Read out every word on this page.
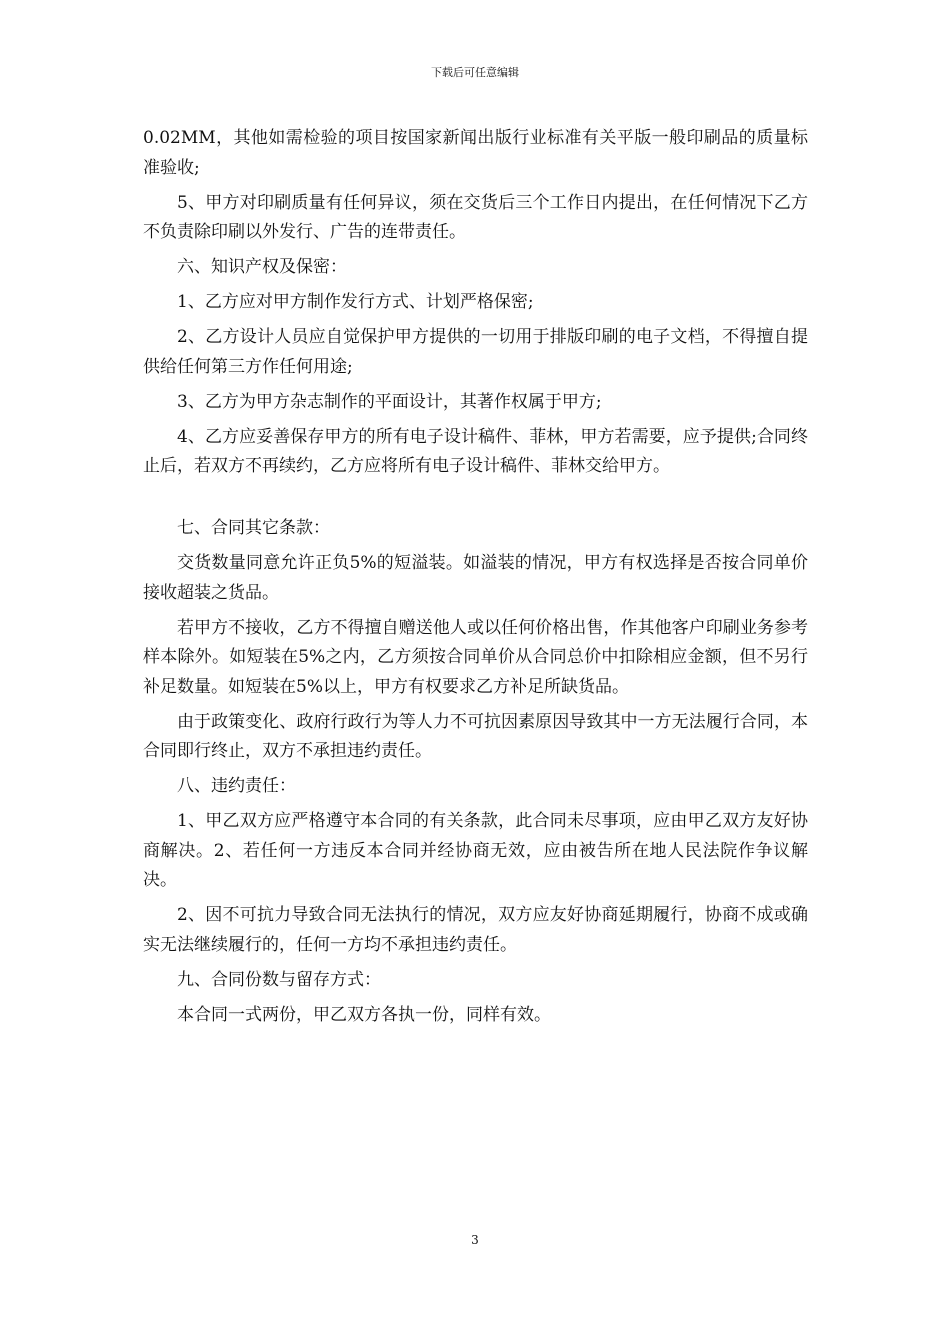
下载后可任意编辑

0.02MM，其他如需检验的项目按国家新闻出版行业标准有关平版一般印刷品的质量标准验收;

5、甲方对印刷质量有任何异议，须在交货后三个工作日内提出，在任何情况下乙方不负责除印刷以外发行、广告的连带责任。

六、知识产权及保密：

1、乙方应对甲方制作发行方式、计划严格保密;

2、乙方设计人员应自觉保护甲方提供的一切用于排版印刷的电子文档，不得擅自提供给任何第三方作任何用途;

3、乙方为甲方杂志制作的平面设计，其著作权属于甲方;

4、乙方应妥善保存甲方的所有电子设计稿件、菲林，甲方若需要，应予提供;合同终止后，若双方不再续约，乙方应将所有电子设计稿件、菲林交给甲方。

七、合同其它条款：

交货数量同意允许正负5%的短溢装。如溢装的情况，甲方有权选择是否按合同单价接收超装之货品。

若甲方不接收，乙方不得擅自赠送他人或以任何价格出售，作其他客户印刷业务参考样本除外。如短装在5%之内，乙方须按合同单价从合同总价中扣除相应金额，但不另行补足数量。如短装在5%以上，甲方有权要求乙方补足所缺货品。

由于政策变化、政府行政行为等人力不可抗因素原因导致其中一方无法履行合同，本合同即行终止，双方不承担违约责任。

八、违约责任：

1、甲乙双方应严格遵守本合同的有关条款，此合同未尽事项，应由甲乙双方友好协商解决。2、若任何一方违反本合同并经协商无效，应由被告所在地人民法院作争议解决。

2、因不可抗力导致合同无法执行的情况，双方应友好协商延期履行，协商不成或确实无法继续履行的，任何一方均不承担违约责任。

九、合同份数与留存方式：

本合同一式两份，甲乙双方各执一份，同样有效。

3
